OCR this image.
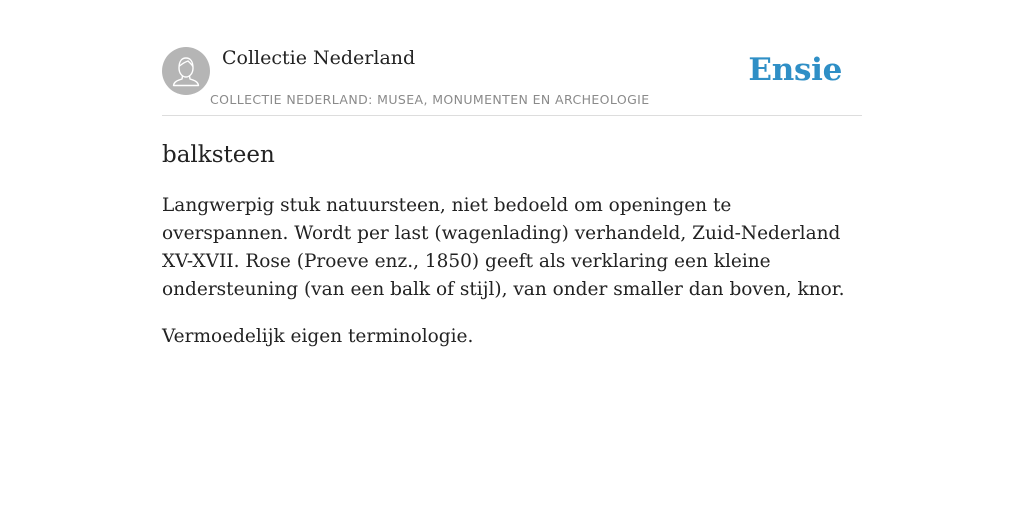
Collectie Nederland
COLLECTIE NEDERLAND: MUSEA, MONUMENTEN EN ARCHEOLOGIE
Ensie
balksteen

Langwerpig stuk natuursteen, niet bedoeld om openingen te overspannen. Wordt per last (wagenlading) verhandeld, Zuid-Nederland XV-XVII. Rose (Proeve enz., 1850) geeft als verklaring een kleine ondersteuning (van een balk of stijl), van onder smaller dan boven, knor.

Vermoedelijk eigen terminologie.
